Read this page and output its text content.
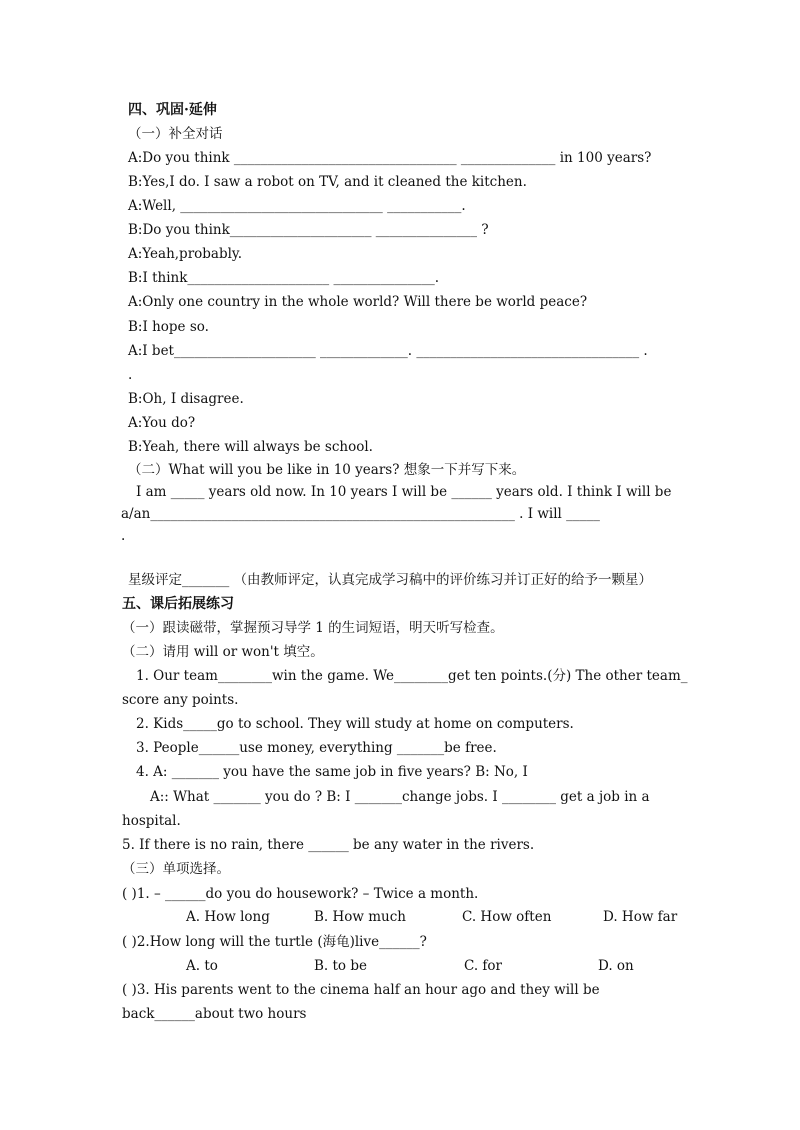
四、巩固·延伸
（一）补全对话
A:Do you think _________________________________ ______________ in 100 years?
B:Yes,I do. I saw a robot on TV, and it cleaned the kitchen.
A:Well, ______________________________ ___________.
B:Do you think_____________________ _______________ ?
A:Yeah,probably.
B:I think_____________________ _______________.
A:Only one country in the whole world? Will there be world peace?
B:I hope so.
A:I bet_____________________ _____________. _________________________________ .
.
B:Oh, I disagree.
A:You do?
B:Yeah, there will always be school.
（二）What will you be like in 10 years? 想象一下并写下来。
I am _____ years old now. In 10 years I will be ______ years old. I think I will be
a/an______________________________________________________ . I will _____
.
星级评定_______ （由教师评定，认真完成学习稿中的评价练习并订正好的给予一颗星）
五、课后拓展练习
（一）跟读磁带，掌握预习导学 1 的生词短语，明天听写检查。
（二）请用 will or won't 填空。
1. Our team________win the game. We________get ten points.(分) The other team_
score any points.
2. Kids_____go to school. They will study at home on computers.
3. People______use money, everything _______be free.
4. A: _______ you have the same job in five years? B: No, I
A:: What _______ you do ? B: I _______change jobs. I ________ get a job in a
hospital.
5. If there is no rain, there ______ be any water in the rivers.
（三）单项选择。
( )1. – ______do you do housework? – Twice a month.
A. How long	B. How much	C. How often	D. How far
( )2.How long will the turtle (海龟)live______?
A. to	B. to be	C. for	D. on
( )3. His parents went to the cinema half an hour ago and they will be
back______about two hours
